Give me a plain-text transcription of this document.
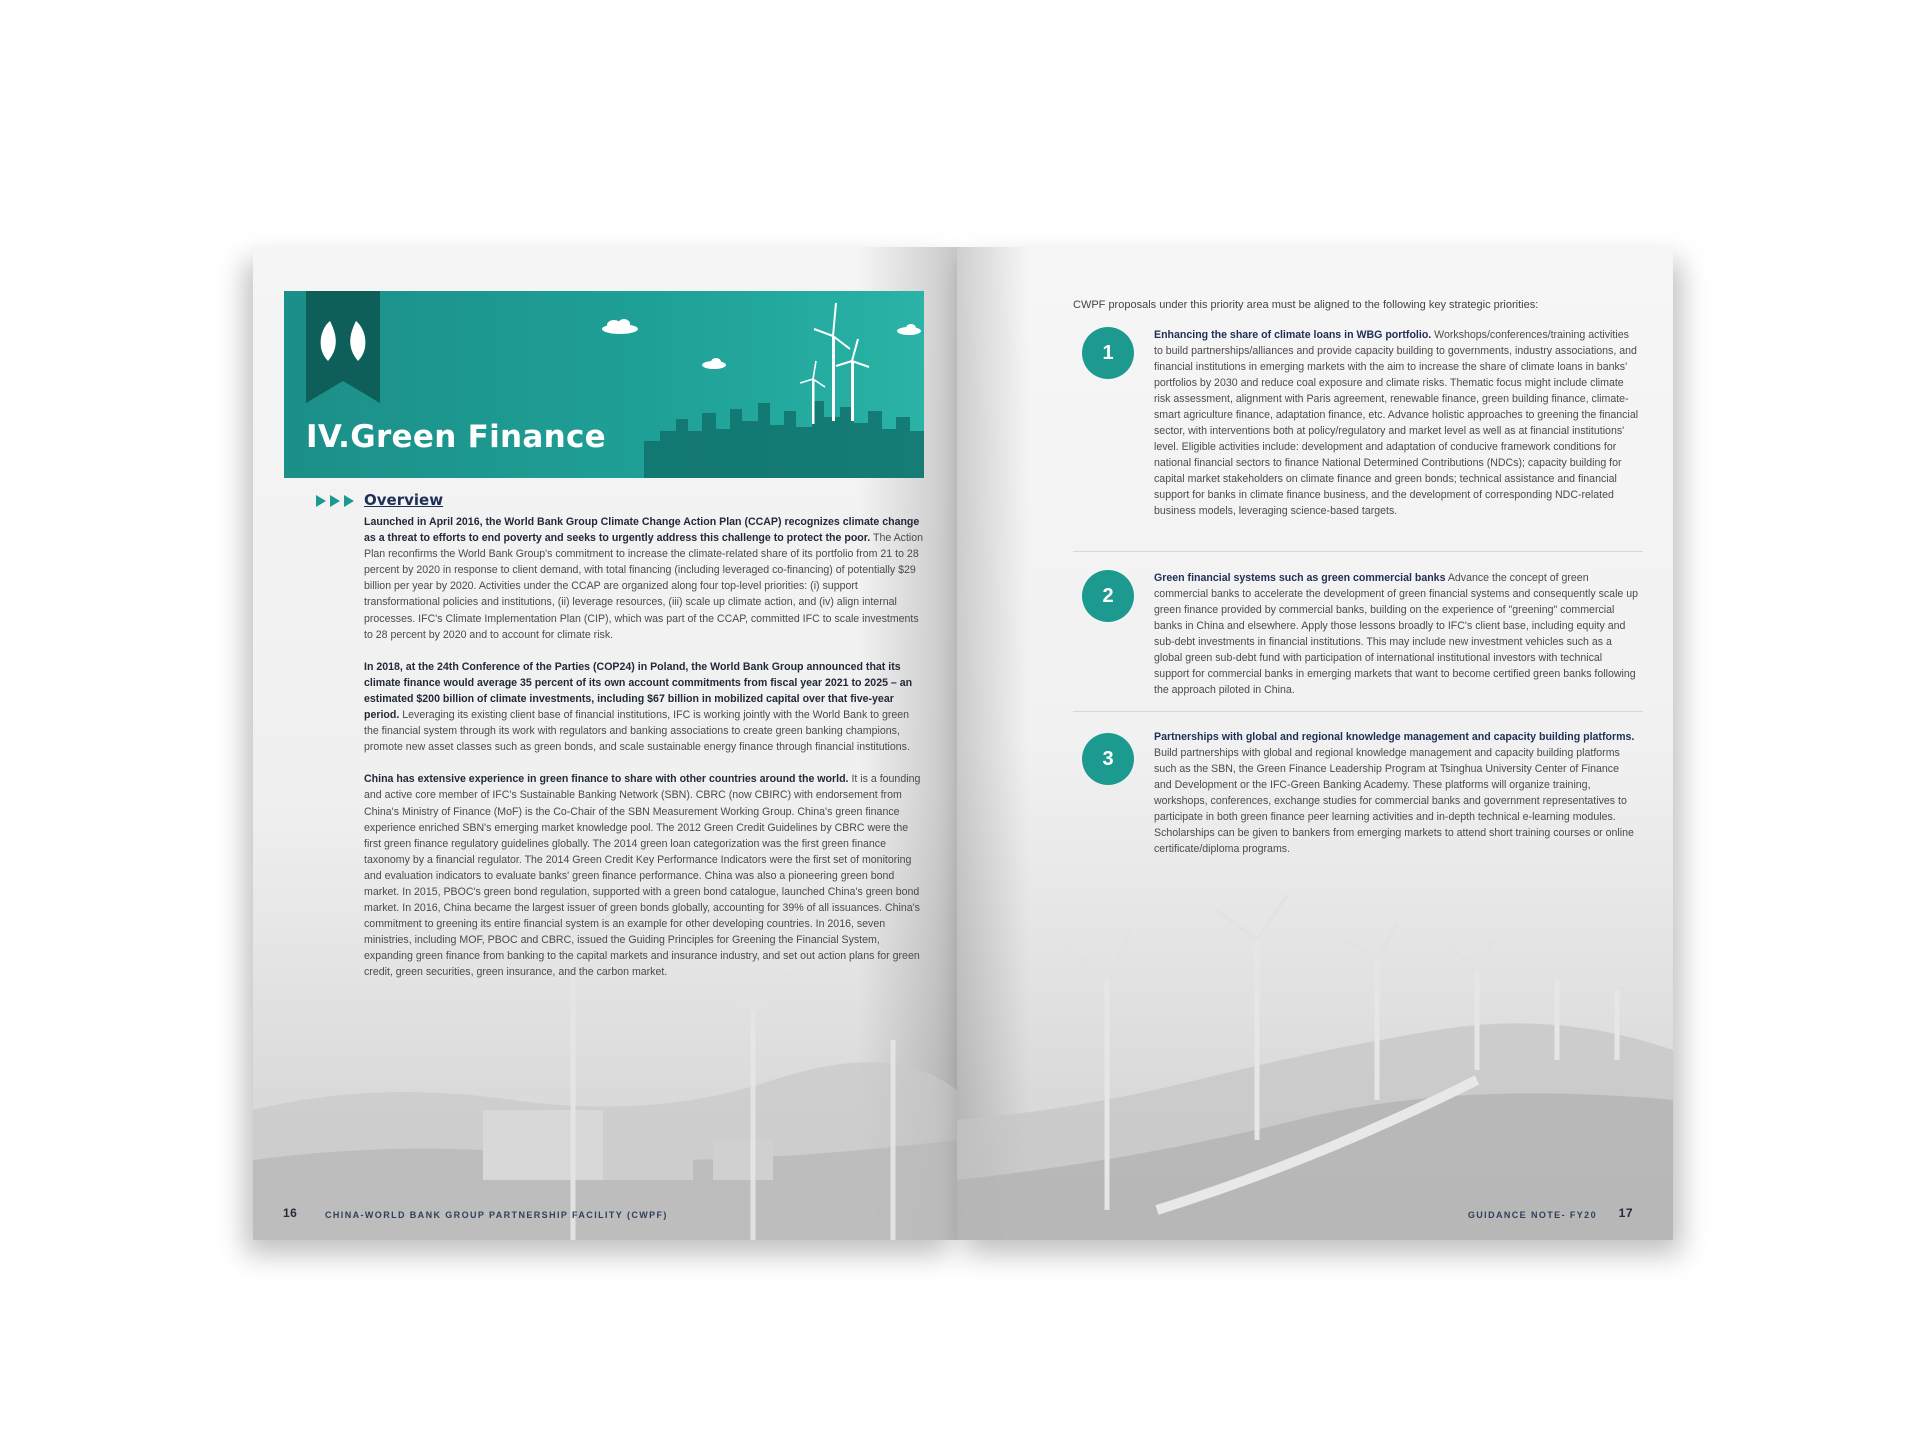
IV.Green Finance
Overview

Launched in April 2016, the World Bank Group Climate Change Action Plan (CCAP) recognizes climate change as a threat to efforts to end poverty and seeks to urgently address this challenge to protect the poor. The Action Plan reconfirms the World Bank Group's commitment to increase the climate-related share of its portfolio from 21 to 28 percent by 2020 in response to client demand, with total financing (including leveraged co-financing) of potentially $29 billion per year by 2020. Activities under the CCAP are organized along four top-level priorities: (i) support transformational policies and institutions, (ii) leverage resources, (iii) scale up climate action, and (iv) align internal processes. IFC's Climate Implementation Plan (CIP), which was part of the CCAP, committed IFC to scale investments to 28 percent by 2020 and to account for climate risk.

In 2018, at the 24th Conference of the Parties (COP24) in Poland, the World Bank Group announced that its climate finance would average 35 percent of its own account commitments from fiscal year 2021 to 2025 – an estimated $200 billion of climate investments, including $67 billion in mobilized capital over that five-year period. Leveraging its existing client base of financial institutions, IFC is working jointly with the World Bank to green the financial system through its work with regulators and banking associations to create green banking champions, promote new asset classes such as green bonds, and scale sustainable energy finance through financial institutions.

China has extensive experience in green finance to share with other countries around the world. It is a founding and active core member of IFC's Sustainable Banking Network (SBN). CBRC (now CBIRC) with endorsement from China's Ministry of Finance (MoF) is the Co-Chair of the SBN Measurement Working Group. China's green finance experience enriched SBN's emerging market knowledge pool. The 2012 Green Credit Guidelines by CBRC were the first green finance regulatory guidelines globally. The 2014 green loan categorization was the first green finance taxonomy by a financial regulator. The 2014 Green Credit Key Performance Indicators were the first set of monitoring and evaluation indicators to evaluate banks' green finance performance. China was also a pioneering green bond market. In 2015, PBOC's green bond regulation, supported with a green bond catalogue, launched China's green bond market. In 2016, China became the largest issuer of green bonds globally, accounting for 39% of all issuances. China's commitment to greening its entire financial system is an example for other developing countries. In 2016, seven ministries, including MOF, PBOC and CBRC, issued the Guiding Principles for Greening the Financial System, expanding green finance from banking to the capital markets and insurance industry, and set out action plans for green credit, green securities, green insurance, and the carbon market.

16	CHINA-WORLD BANK GROUP PARTNERSHIP FACILITY (CWPF)
CWPF proposals under this priority area must be aligned to the following key strategic priorities:
1
Enhancing the share of climate loans in WBG portfolio. Workshops/conferences/training activities to build partnerships/alliances and provide capacity building to governments, industry associations, and financial institutions in emerging markets with the aim to increase the share of climate loans in banks' portfolios by 2030 and reduce coal exposure and climate risks. Thematic focus might include climate risk assessment, alignment with Paris agreement, renewable finance, green building finance, climate-smart agriculture finance, adaptation finance, etc. Advance holistic approaches to greening the financial sector, with interventions both at policy/regulatory and market level as well as at financial institutions' level. Eligible activities include: development and adaptation of conducive framework conditions for national financial sectors to finance National Determined Contributions (NDCs); capacity building for capital market stakeholders on climate finance and green bonds; technical assistance and financial support for banks in climate finance business, and the development of corresponding NDC-related business models, leveraging science-based targets.
2
Green financial systems such as green commercial banks Advance the concept of green commercial banks to accelerate the development of green financial systems and consequently scale up green finance provided by commercial banks, building on the experience of "greening" commercial banks in China and elsewhere. Apply those lessons broadly to IFC's client base, including equity and sub-debt investments in financial institutions. This may include new investment vehicles such as a global green sub-debt fund with participation of international institutional investors with technical support for commercial banks in emerging markets that want to become certified green banks following the approach piloted in China.
3
Partnerships with global and regional knowledge management and capacity building platforms. Build partnerships with global and regional knowledge management and capacity building platforms such as the SBN, the Green Finance Leadership Program at Tsinghua University Center of Finance and Development or the IFC-Green Banking Academy. These platforms will organize training, workshops, conferences, exchange studies for commercial banks and government representatives to participate in both green finance peer learning activities and in-depth technical e-learning modules. Scholarships can be given to bankers from emerging markets to attend short training courses or online certificate/diploma programs.
GUIDANCE NOTE- FY20 17
